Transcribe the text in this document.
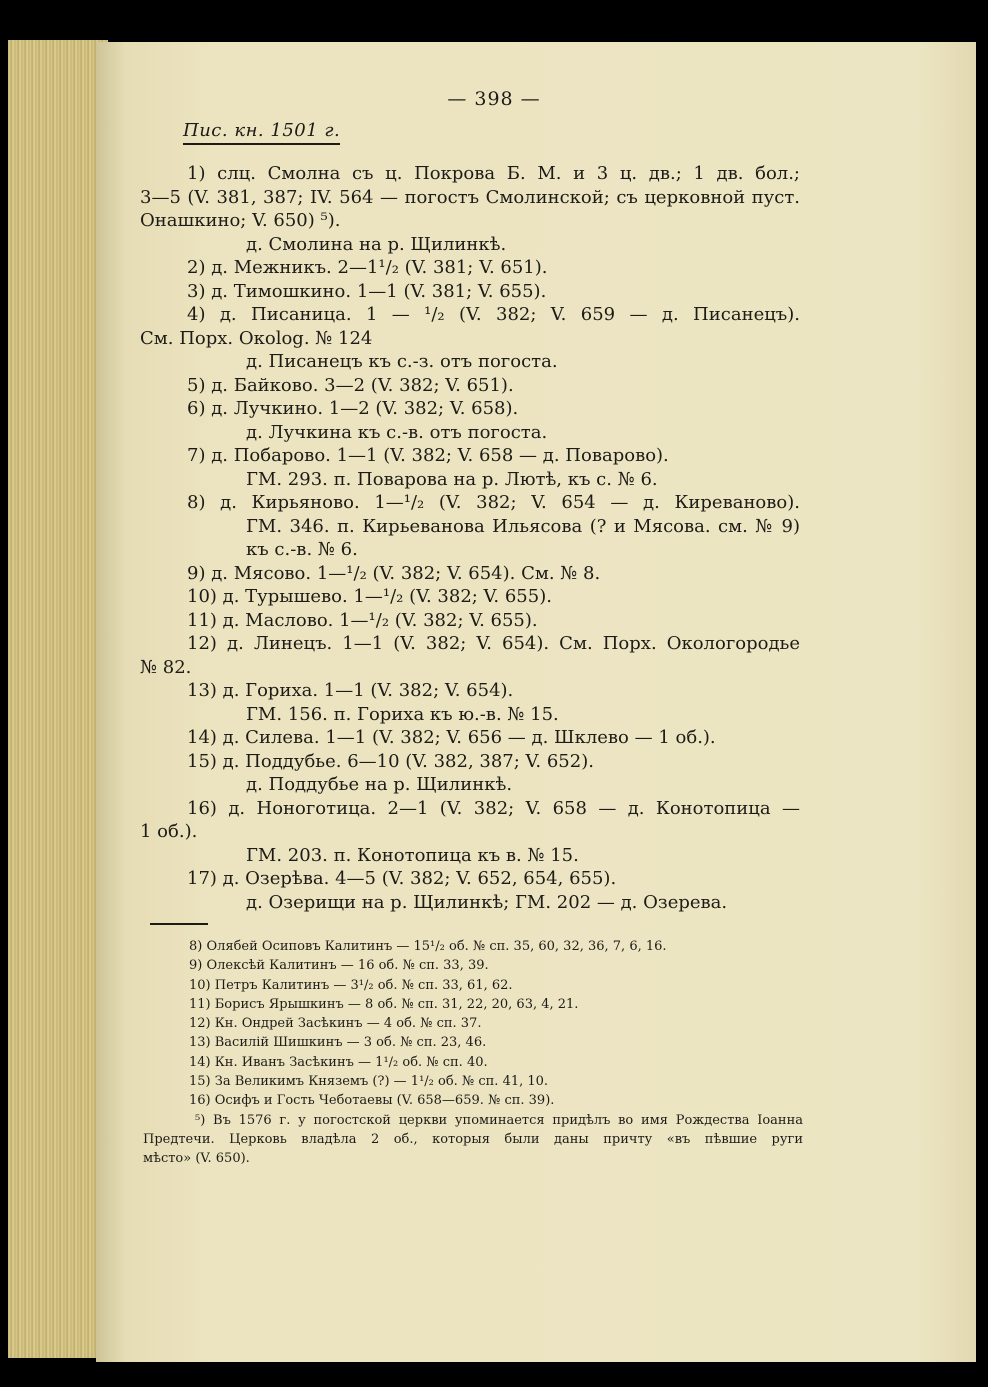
— 398 —
Пис. кн. 1501 г.
1) слц. Смолна съ ц. Покрова Б. М. и 3 ц. дв.; 1 дв. бол.;
3—5 (V. 381, 387; IV. 564 — погостъ Смолинской; съ церковной пуст.
Онашкино; V. 650) ⁵).
д. Смолина на р. Щ⁠илинкѣ.
2) д. Межникъ. 2—1¹/₂ (V. 381; V. 651).
3) д. Тимошкино. 1—1 (V. 381; V. 655).
4) д. Писаница. 1 — ¹/₂ (V. 382; V. 659 — д. Писанецъ).
См. Порх. Окolog. № 124
д. Писанецъ къ с.-з. отъ погоста.
5) д. Байково. 3—2 (V. 382; V. 651).
6) д. Лучкино. 1—2 (V. 382; V. 658).
д. Лучкина къ с.-в. отъ погоста.
7) д. Побарово. 1—1 (V. 382; V. 658 — д. Поварово).
ГМ. 293. п. Поварова на р. Лютѣ, къ с. № 6.
8) д. Кирьяново. 1—¹/₂ (V. 382; V. 654 — д. Киреваново).
ГМ. 346. п. Кирьеванова Ильясова (? и Мясова. см. № 9)
къ с.-в. № 6.
9) д. Мясово. 1—¹/₂ (V. 382; V. 654). См. № 8.
10) д. Турышево. 1—¹/₂ (V. 382; V. 655).
11) д. Маслово. 1—¹/₂ (V. 382; V. 655).
12) д. Линецъ. 1—1 (V. 382; V. 654). См. Порх. Окологородье
№ 82.
13) д. Гориха. 1—1 (V. 382; V. 654).
ГМ. 156. п. Гориха къ ю.-в. № 15.
14) д. Силева. 1—1 (V. 382; V. 656 — д. Шклево — 1 об.).
15) д. Поддубье. 6—10 (V. 382, 387; V. 652).
д. Поддубье на р. Щилинкѣ.
16) д. Ноноготица. 2—1 (V. 382; V. 658 — д. Конотопица —
1 об.).
ГМ. 203. п. Конотопица къ в. № 15.
17) д. Озерѣва. 4—5 (V. 382; V. 652, 654, 655).
д. Озерищи на р. Щилинкѣ; ГМ. 202 — д. Озерева.
8) Олябей Осиповъ Калитинъ — 15¹/₂ об. № сп. 35, 60, 32, 36, 7, 6, 16.
9) Олексѣй Калитинъ — 16 об. № сп. 33, 39.
10) Петръ Калитинъ — 3¹/₂ об. № сп. 33, 61, 62.
11) Борисъ Ярышкинъ — 8 об. № сп. 31, 22, 20, 63, 4, 21.
12) Кн. Ондрей Засѣкинъ — 4 об. № сп. 37.
13) Василій Шишкинъ — 3 об. № сп. 23, 46.
14) Кн. Иванъ Засѣкинъ — 1¹/₂ об. № сп. 40.
15) За Великимъ Княземъ (?) — 1¹/₂ об. № сп. 41, 10.
16) Осифъ и Гость Чеботаевы (V. 658—659. № сп. 39).
⁵) Въ 1576 г. у погостской церкви упоминается придѣлъ во имя Рождества Іоанна
Предтечи. Церковь владѣла 2 об., которыя были даны причту «въ пѣвшие руги
мѣсто» (V. 650).
